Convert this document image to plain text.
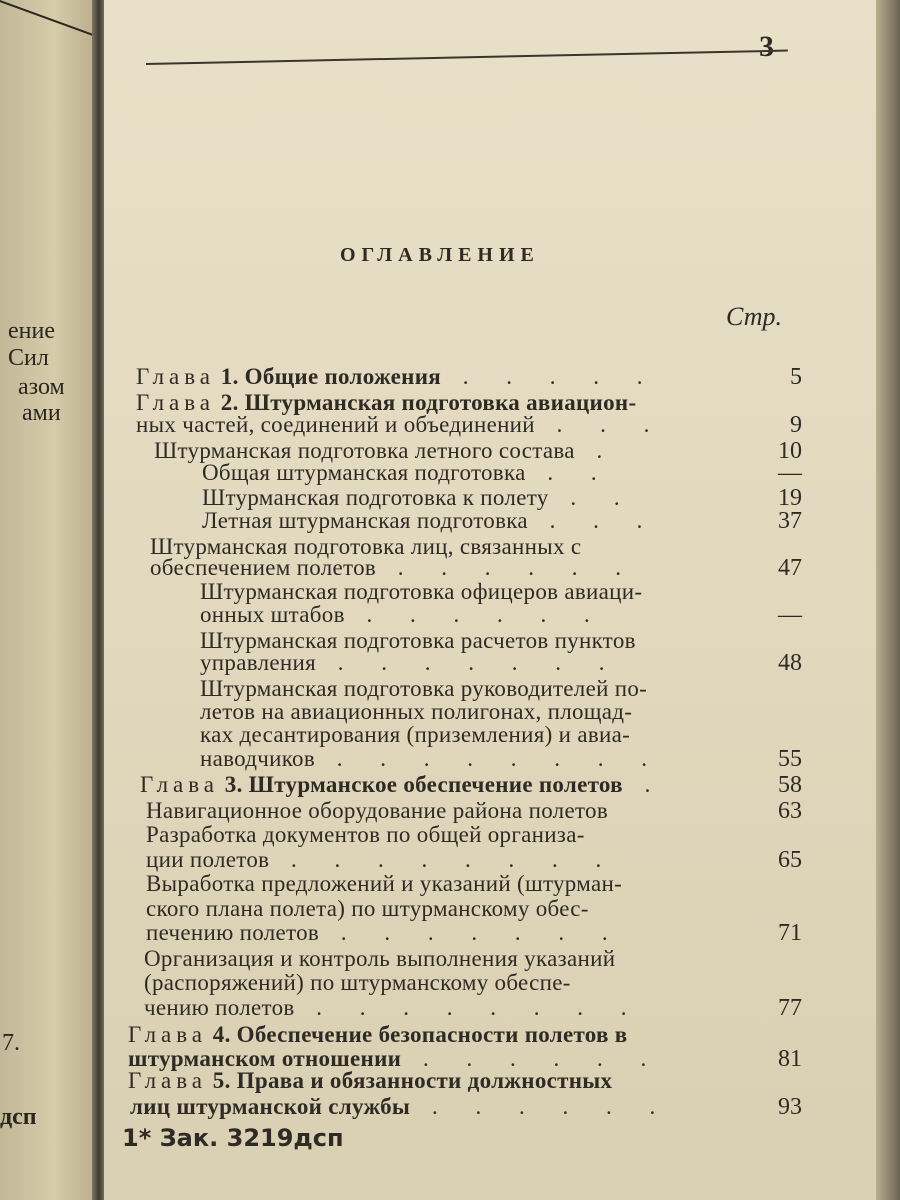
ение
Сил
азом
ами
7.
дсп
3
ОГЛАВЛЕНИЕ
Стр.
Глава 1. Общие положения . . . . .	5
Глава 2. Штурманская подготовка авиацион-
ных частей, соединений и объединений . . .	9
Штурманская подготовка летного состава .	10
Общая штурманская подготовка . .	—
Штурманская подготовка к полету . .	19
Летная штурманская подготовка . . .	37
Штурманская подготовка лиц, связанных с
обеспечением полетов . . . . . .	47
Штурманская подготовка офицеров авиаци-
онных штабов . . . . . .	—
Штурманская подготовка расчетов пунктов
управления . . . . . . .	48
Штурманская подготовка руководителей по-
летов на авиационных полигонах, площад-
ках десантирования (приземления) и авиа-
наводчиков . . . . . . . .	55
Глава 3. Штурманское обеспечение полетов .	58
Навигационное оборудование района полетов	63
Разработка документов по общей организа-
ции полетов . . . . . . . .	65
Выработка предложений и указаний (штурман-
ского плана полета) по штурманскому обес-
печению полетов . . . . . . .	71
Организация и контроль выполнения указаний
(распоряжений) по штурманскому обеспе-
чению полетов . . . . . . . .	77
Глава 4. Обеспечение безопасности полетов в
штурманском отношении . . . . . .	81
Глава 5. Права и обязанности должностных
лиц штурманской службы . . . . . .	93
1* Зак. 3219дсп
